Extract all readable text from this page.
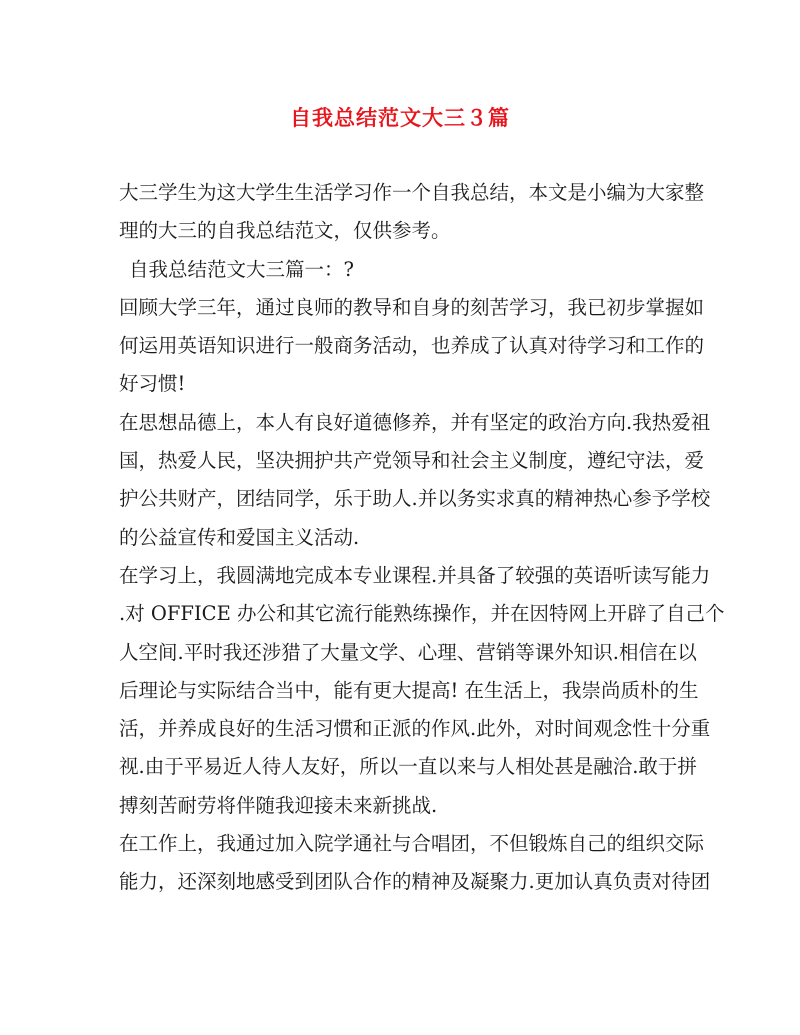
自我总结范文大三３篇
大三学生为这大学生生活学习作一个自我总结，本文是小编为大家整
理的大三的自我总结范文，仅供参考。
自我总结范文大三篇一：?
回顾大学三年，通过良师的教导和自身的刻苦学习，我已初步掌握如
何运用英语知识进行一般商务活动，也养成了认真对待学习和工作的
好习惯!
在思想品德上，本人有良好道德修养，并有坚定的政治方向.我热爱祖
国，热爱人民，坚决拥护共产党领导和社会主义制度，遵纪守法，爱
护公共财产，团结同学，乐于助人.并以务实求真的精神热心参予学校
的公益宣传和爱国主义活动.
在学习上，我圆满地完成本专业课程.并具备了较强的英语听读写能力
.对 OFFICE 办公和其它流行能熟练操作，并在因特网上开辟了自己个
人空间.平时我还涉猎了大量文学、心理、营销等课外知识.相信在以
后理论与实际结合当中，能有更大提高! 在生活上，我崇尚质朴的生
活，并养成良好的生活习惯和正派的作风.此外，对时间观念性十分重
视.由于平易近人待人友好，所以一直以来与人相处甚是融洽.敢于拼
搏刻苦耐劳将伴随我迎接未来新挑战.
在工作上，我通过加入院学通社与合唱团，不但锻炼自己的组织交际
能力，还深刻地感受到团队合作的精神及凝聚力.更加认真负责对待团
